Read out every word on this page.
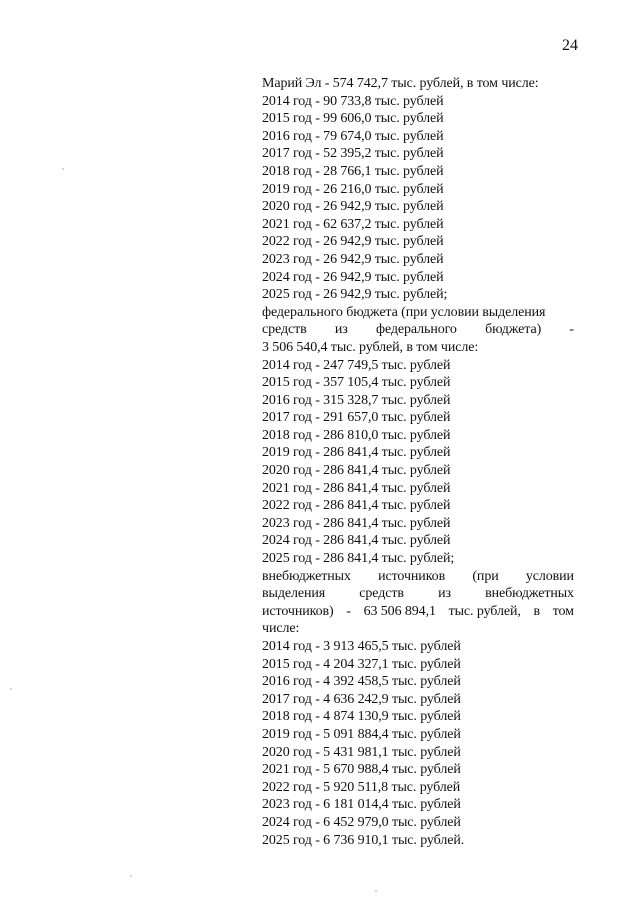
24
Марий Эл - 574 742,7 тыс. рублей, в том числе:
2014 год - 90 733,8 тыс. рублей
2015 год - 99 606,0 тыс. рублей
2016 год - 79 674,0 тыс. рублей
2017 год - 52 395,2 тыс. рублей
2018 год - 28 766,1 тыс. рублей
2019 год - 26 216,0 тыс. рублей
2020 год - 26 942,9 тыс. рублей
2021 год - 62 637,2 тыс. рублей
2022 год - 26 942,9 тыс. рублей
2023 год - 26 942,9 тыс. рублей
2024 год - 26 942,9 тыс. рублей
2025 год - 26 942,9 тыс. рублей;
федерального бюджета (при условии выделения
средств из федерального бюджета) -
3 506 540,4 тыс. рублей, в том числе:
2014 год - 247 749,5 тыс. рублей
2015 год - 357 105,4 тыс. рублей
2016 год - 315 328,7 тыс. рублей
2017 год - 291 657,0 тыс. рублей
2018 год - 286 810,0 тыс. рублей
2019 год - 286 841,4 тыс. рублей
2020 год - 286 841,4 тыс. рублей
2021 год - 286 841,4 тыс. рублей
2022 год - 286 841,4 тыс. рублей
2023 год - 286 841,4 тыс. рублей
2024 год - 286 841,4 тыс. рублей
2025 год - 286 841,4 тыс. рублей;
внебюджетных источников (при условии
выделения средств из внебюджетных
источников) - 63 506 894,1 тыс. рублей, в том
числе:
2014 год - 3 913 465,5 тыс. рублей
2015 год - 4 204 327,1 тыс. рублей
2016 год - 4 392 458,5 тыс. рублей
2017 год - 4 636 242,9 тыс. рублей
2018 год - 4 874 130,9 тыс. рублей
2019 год - 5 091 884,4 тыс. рублей
2020 год - 5 431 981,1 тыс. рублей
2021 год - 5 670 988,4 тыс. рублей
2022 год - 5 920 511,8 тыс. рублей
2023 год - 6 181 014,4 тыс. рублей
2024 год - 6 452 979,0 тыс. рублей
2025 год - 6 736 910,1 тыс. рублей.
